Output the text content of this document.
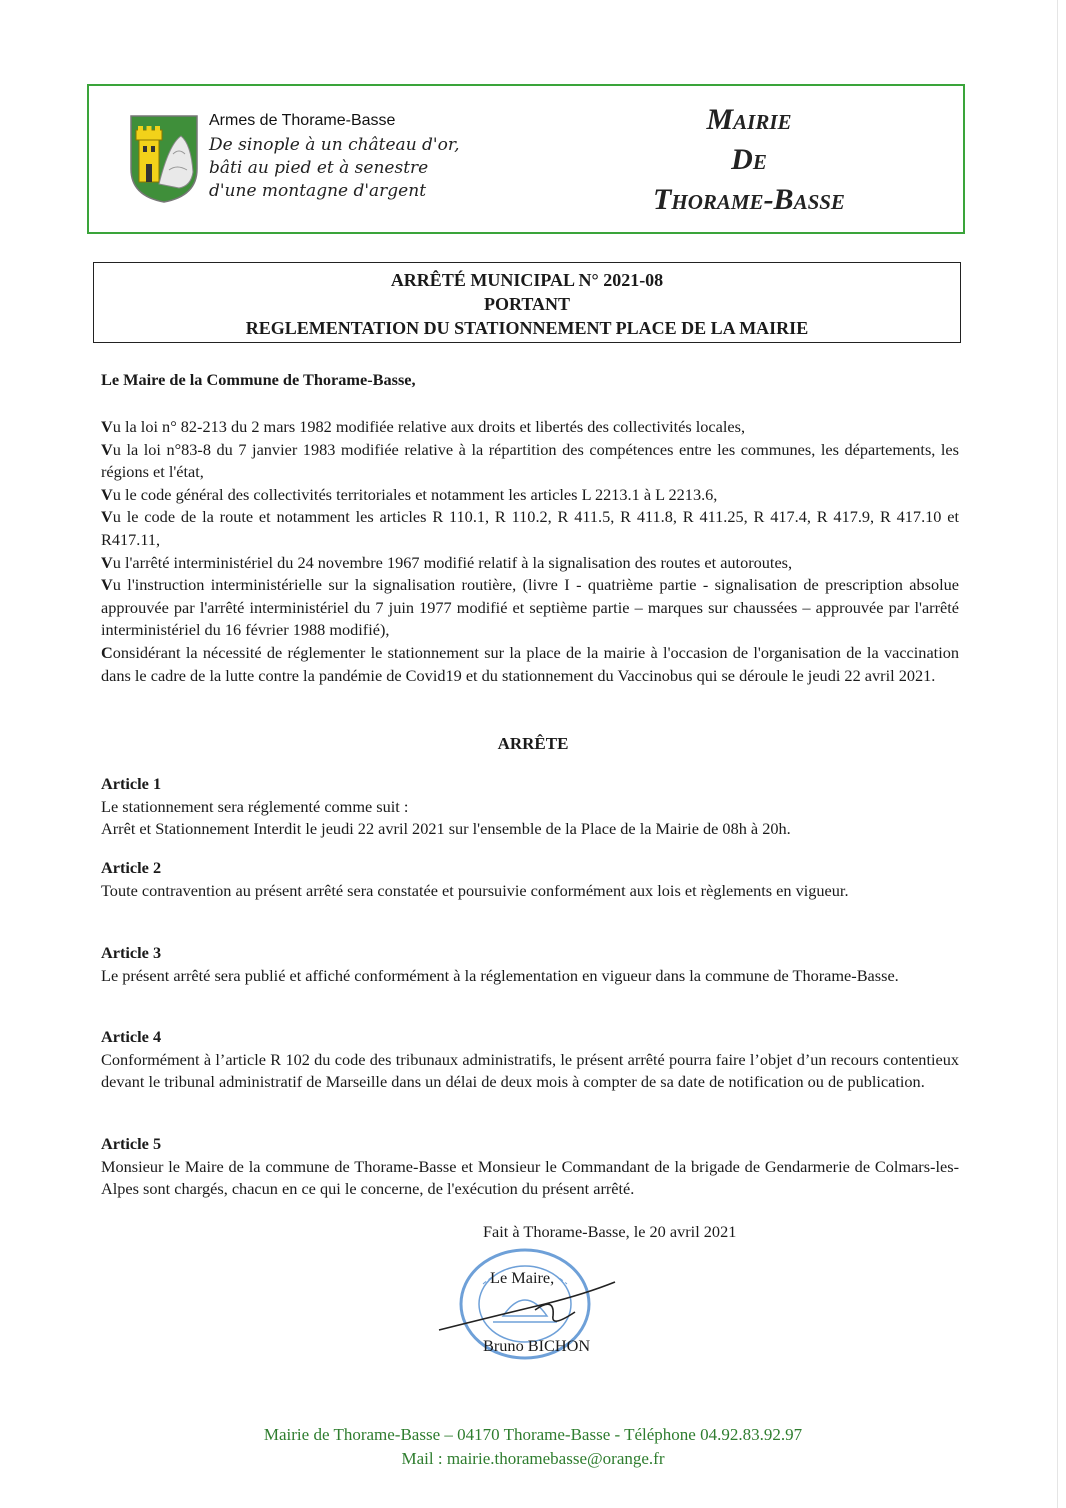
Armes de Thorame-Basse
De sinople à un château d'or,
bâti au pied et à senestre
d'une montagne d'argent
Mairie
De
Thorame-Basse
ARRÊTÉ MUNICIPAL N° 2021-08
PORTANT
REGLEMENTATION DU STATIONNEMENT PLACE DE LA MAIRIE
Le Maire de la Commune de Thorame-Basse,

Vu la loi n° 82-213 du 2 mars 1982 modifiée relative aux droits et libertés des collectivités locales,

Vu la loi n°83-8 du 7 janvier 1983 modifiée relative à la répartition des compétences entre les communes, les départements, les régions et l'état,

Vu le code général des collectivités territoriales et notamment les articles L 2213.1 à L 2213.6,

Vu le code de la route et notamment les articles R 110.1, R 110.2, R 411.5, R 411.8, R 411.25, R 417.4, R 417.9, R 417.10 et R417.11,

Vu l'arrêté interministériel du 24 novembre 1967 modifié relatif à la signalisation des routes et autoroutes,

Vu l'instruction interministérielle sur la signalisation routière, (livre I - quatrième partie - signalisation de prescription absolue approuvée par l'arrêté interministériel du 7 juin 1977 modifié et septième partie – marques sur chaussées – approuvée par l'arrêté interministériel du 16 février 1988 modifié),

Considérant la nécessité de réglementer le stationnement sur la place de la mairie à l'occasion de l'organisation de la vaccination dans le cadre de la lutte contre la pandémie de Covid19 et du stationnement du Vaccinobus qui se déroule le jeudi 22 avril 2021.

ARRÊTE

Article 1

Le stationnement sera réglementé comme suit :

Arrêt et Stationnement Interdit le jeudi 22 avril 2021 sur l'ensemble de la Place de la Mairie de 08h à 20h.

Article 2

Toute contravention au présent arrêté sera constatée et poursuivie conformément aux lois et règlements en vigueur.

Article 3

Le présent arrêté sera publié et affiché conformément à la réglementation en vigueur dans la commune de Thorame-Basse.

Article 4

Conformément à l’article R 102 du code des tribunaux administratifs, le présent arrêté pourra faire l’objet d’un recours contentieux devant le tribunal administratif de Marseille dans un délai de deux mois à compter de sa date de notification ou de publication.

Article 5

Monsieur le Maire de la commune de Thorame-Basse et Monsieur le Commandant de la brigade de Gendarmerie de Colmars-les-Alpes sont chargés, chacun en ce qui le concerne, de l'exécution du présent arrêté.

Fait à Thorame-Basse, le 20 avril 2021
Le Maire,
Bruno BICHON
Mairie de Thorame-Basse – 04170 Thorame-Basse - Téléphone 04.92.83.92.97
Mail : mairie.thoramebasse@orange.fr
